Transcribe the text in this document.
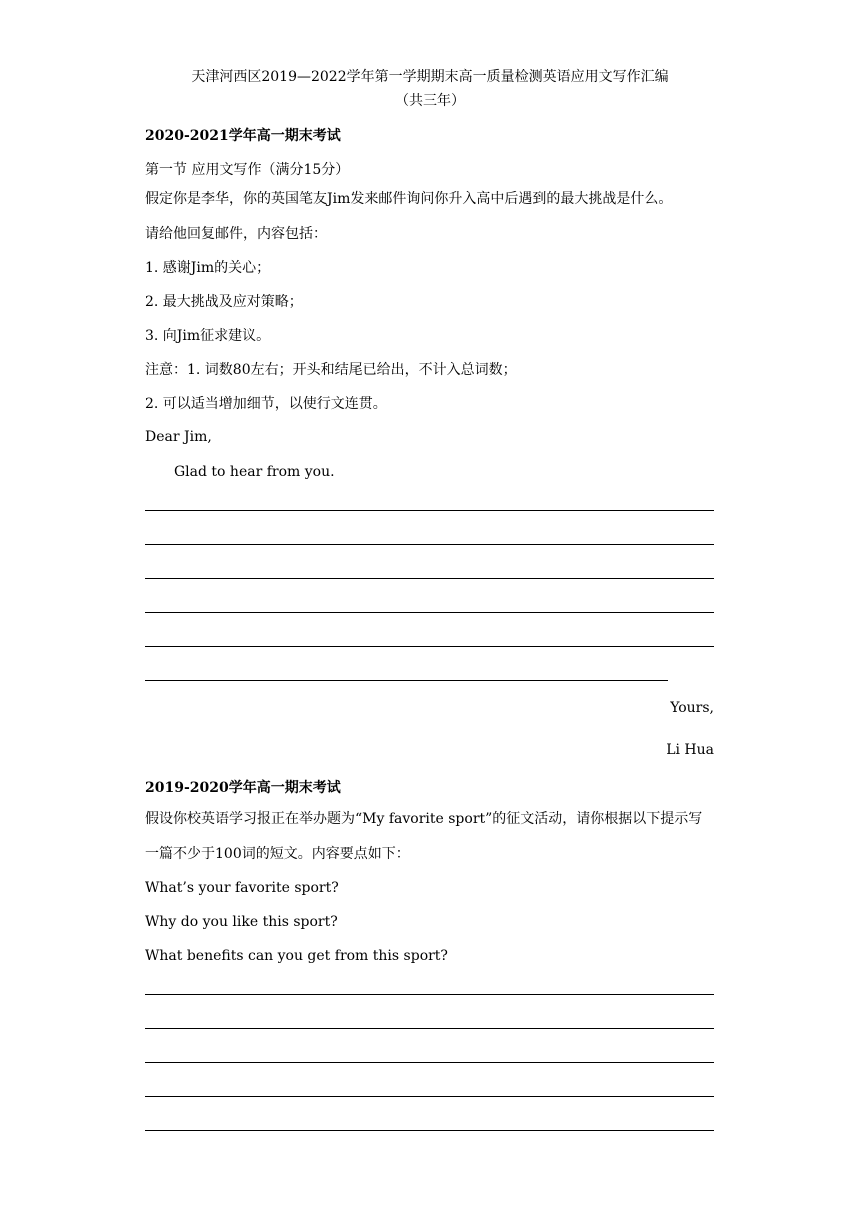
天津河西区2019—2022学年第一学期期末高一质量检测英语应用文写作汇编
（共三年）
2020-2021学年高一期末考试
第一节 应用文写作（满分15分）
假定你是李华，你的英国笔友Jim发来邮件询问你升入高中后遇到的最大挑战是什么。
请给他回复邮件，内容包括：
1. 感谢Jim的关心；
2. 最大挑战及应对策略；
3. 向Jim征求建议。
注意：1. 词数80左右；开头和结尾已给出，不计入总词数；
2. 可以适当增加细节，以使行文连贯。
Dear Jim,
Glad to hear from you.
Yours,
Li Hua
2019-2020学年高一期末考试
假设你校英语学习报正在举办题为“My favorite sport”的征文活动，请你根据以下提示写
一篇不少于100词的短文。内容要点如下：
What’s your favorite sport?
Why do you like this sport?
What benefits can you get from this sport?
